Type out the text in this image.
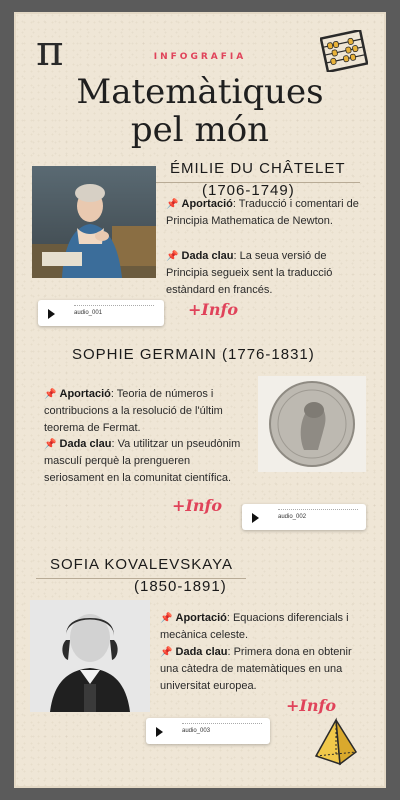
π	INFOGRAFIA
Matemàtiques
pel món
ÉMILIE DU CHÂTELET
(1706-1749)
📌 Aportació: Traducció i comentari de Principia Mathematica de Newton.
📌 Dada clau: La seua versió de Principia segueix sent la traducció estàndard en francés.
audio_001	+Info
SOPHIE GERMAIN (1776-1831)
📌 Aportació: Teoria de números i contribucions a la resolució de l'últim teorema de Fermat.
📌 Dada clau: Va utilitzar un pseudònim masculí perquè la prengueren seriosament en la comunitat científica.
+Info
audio_002
SOFIA KOVALEVSKAYA
(1850-1891)
📌 Aportació: Equacions diferencials i mecànica celeste.
📌 Dada clau: Primera dona en obtenir una càtedra de matemàtiques en una universitat europea.
audio_003
+Info
